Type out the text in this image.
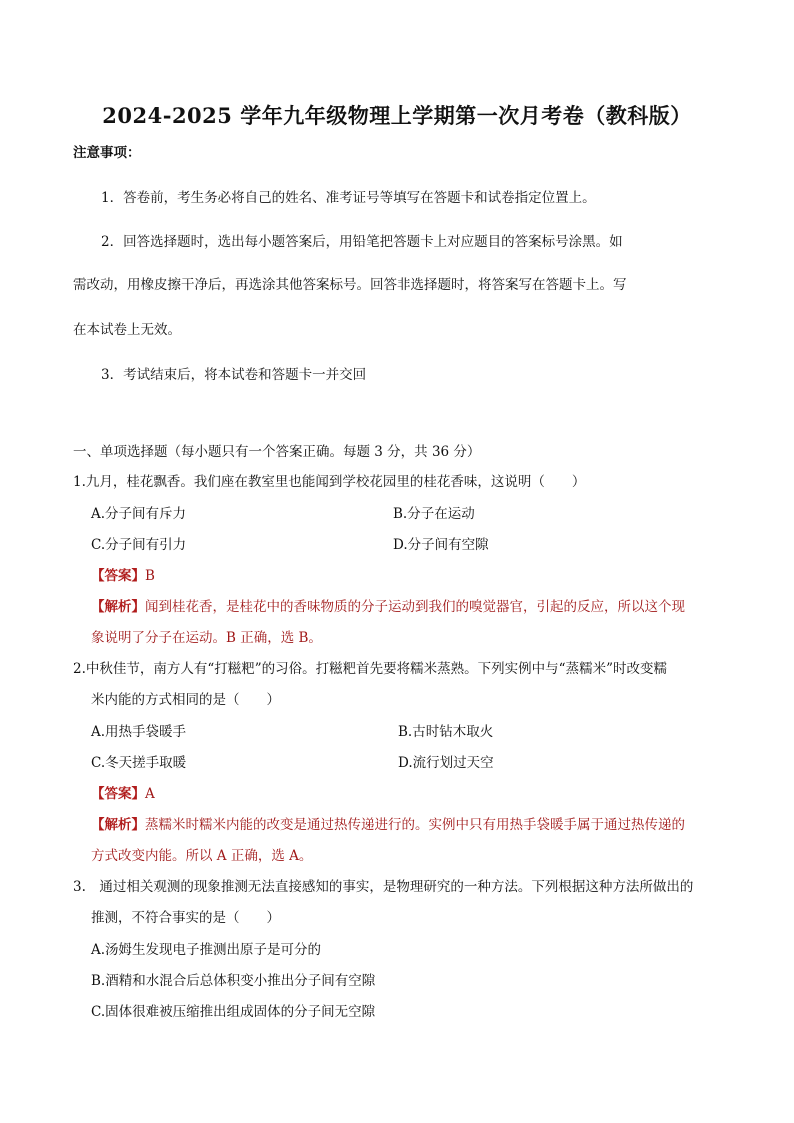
2024-2025 学年九年级物理上学期第一次月考卷（教科版）
注意事项：
1．答卷前，考生务必将自己的姓名、准考证号等填写在答题卡和试卷指定位置上。
2．回答选择题时，选出每小题答案后，用铅笔把答题卡上对应题目的答案标号涂黑。如
需改动，用橡皮擦干净后，再选涂其他答案标号。回答非选择题时，将答案写在答题卡上。写
在本试卷上无效。
3．考试结束后，将本试卷和答题卡一并交回
一、单项选择题（每小题只有一个答案正确。每题 3 分，共 36 分）
1.九月，桂花飘香。我们座在教室里也能闻到学校花园里的桂花香味，这说明（　　）
A.分子间有斥力	B.分子在运动
C.分子间有引力	D.分子间有空隙
【答案】B
【解析】闻到桂花香，是桂花中的香味物质的分子运动到我们的嗅觉器官，引起的反应，所以这个现
象说明了分子在运动。B 正确，选 B。
2.中秋佳节，南方人有“打糍粑”的习俗。打糍粑首先要将糯米蒸熟。下列实例中与“蒸糯米”时改变糯
米内能的方式相同的是（　　）
A.用热手袋暖手	B.古时钻木取火
C.冬天搓手取暖	D.流行划过天空
【答案】A
【解析】蒸糯米时糯米内能的改变是通过热传递进行的。实例中只有用热手袋暖手属于通过热传递的
方式改变内能。所以 A 正确，选 A。
3.　通过相关观测的现象推测无法直接感知的事实，是物理研究的一种方法。下列根据这种方法所做出的
推测，不符合事实的是（　　）
A.汤姆生发现电子推测出原子是可分的
B.酒精和水混合后总体积变小推出分子间有空隙
C.固体很难被压缩推出组成固体的分子间无空隙
